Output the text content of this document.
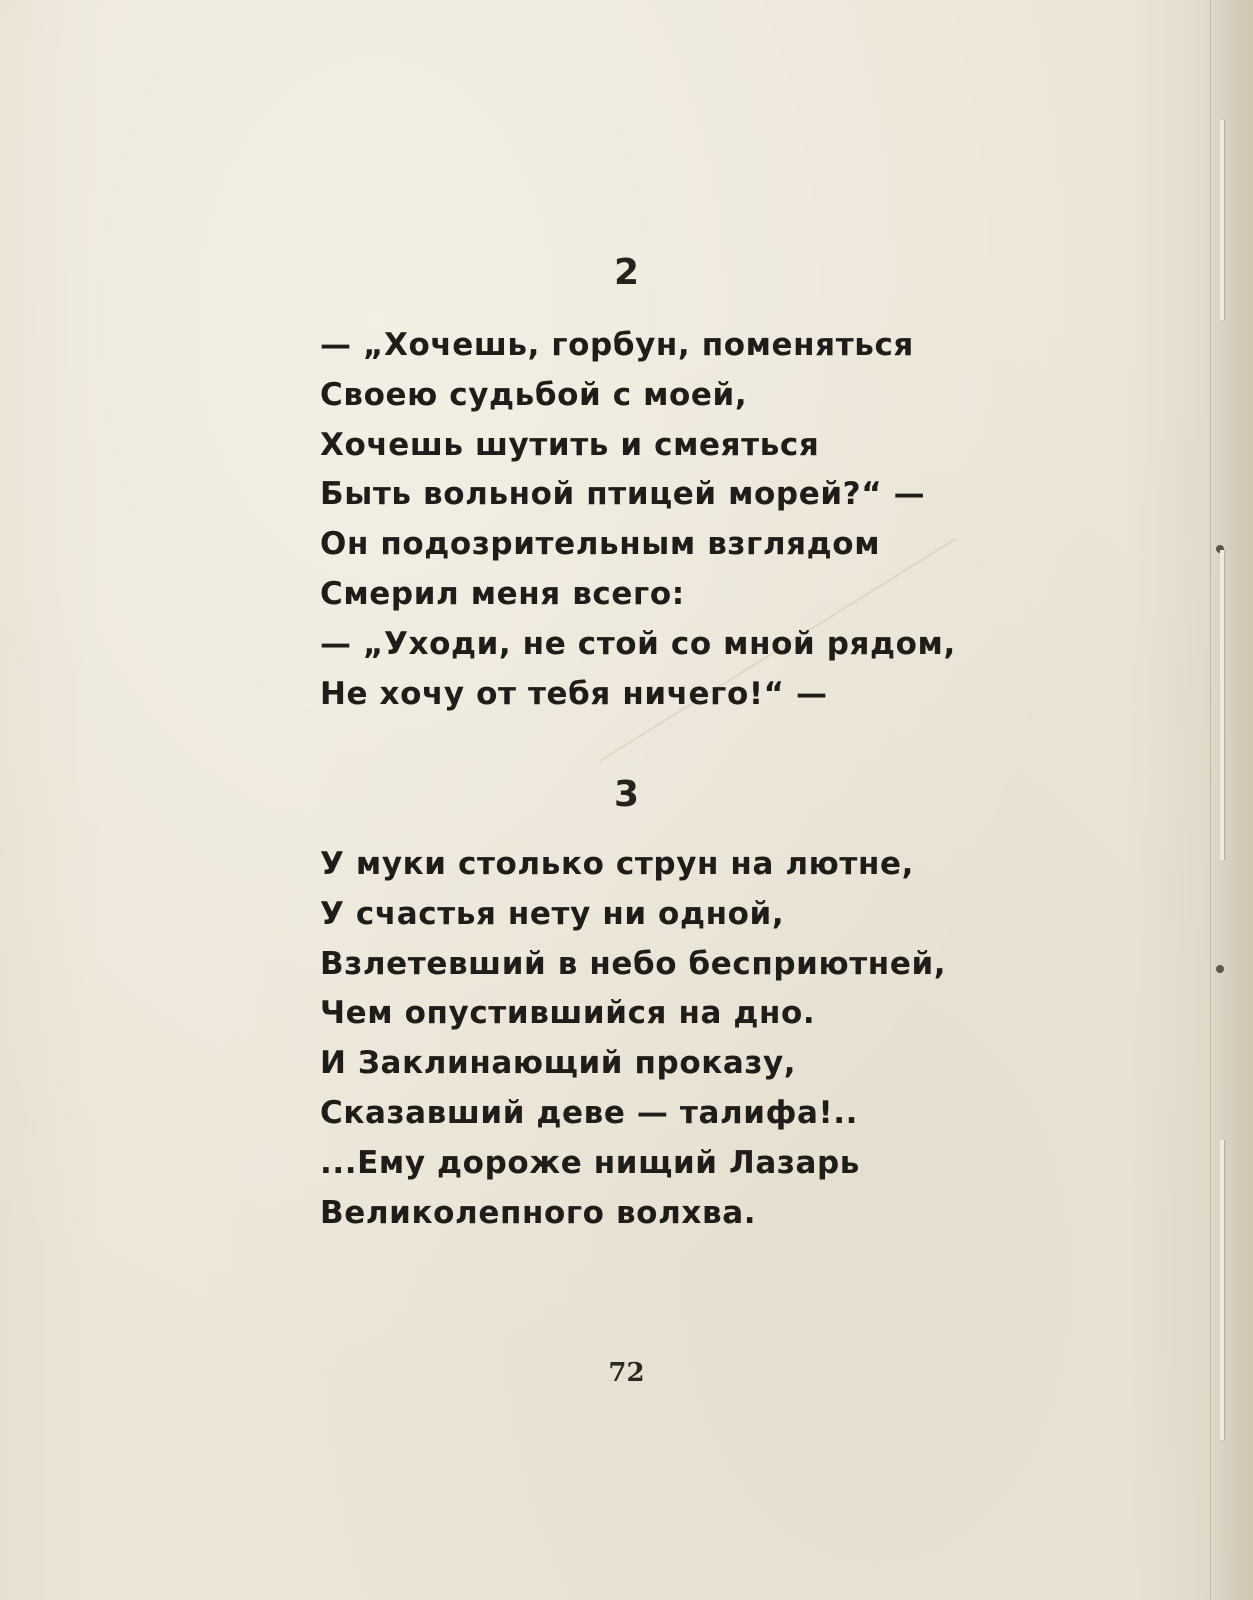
2
— „Хочешь, горбун, поменяться
Своею судьбой с моей,
Хочешь шутить и смеяться
Быть вольной птицей морей?“ —
Он подозрительным взглядом
Смерил меня всего:
— „Уходи, не стой со мной рядом,
Не хочу от тебя ничего!“ —
3
У муки столько струн на лютне,
У счастья нету ни одной,
Взлетевший в небо бесприютней,
Чем опустившийся на дно.
И Заклинающий проказу,
Сказавший деве — талифа!..
...Ему дороже нищий Лазарь
Великолепного волхва.
72
